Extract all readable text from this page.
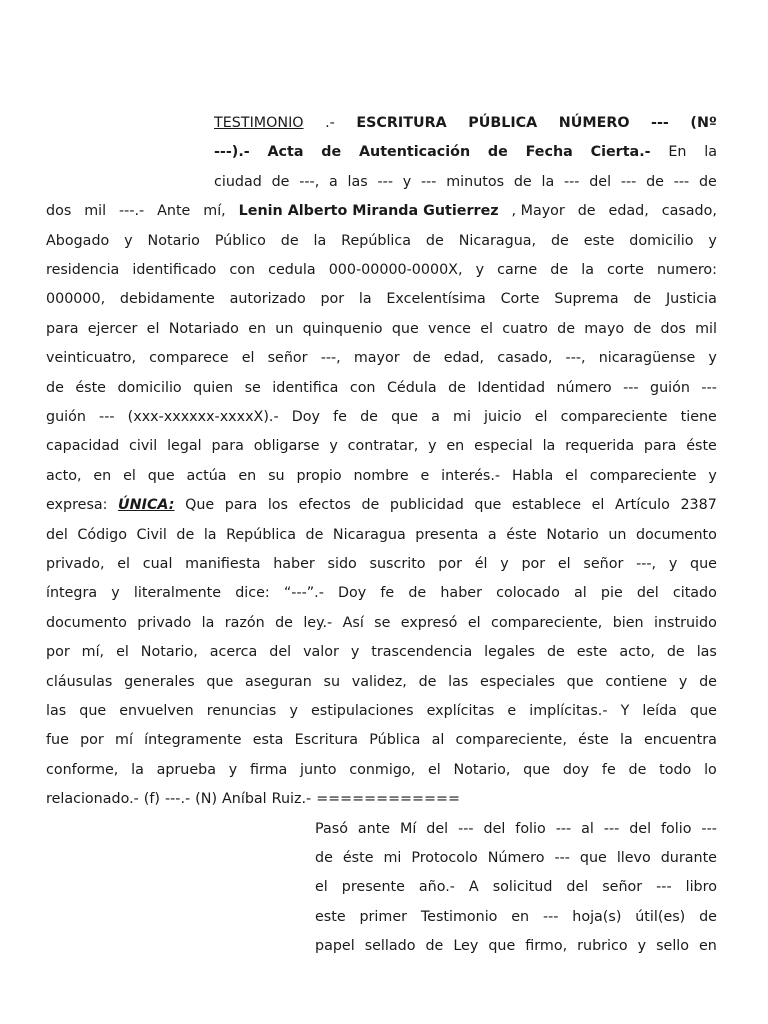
TESTIMONIO .- ESCRITURA PÚBLICA NÚMERO --- (Nº
---).- Acta de Autenticación de Fecha Cierta.- En la
ciudad de ---, a las --- y --- minutos de la --- del --- de --- de
dos mil ---.- Ante mí, Lenin Alberto Miranda Gutierrez , Mayor de edad, casado,
Abogado y Notario Público de la República de Nicaragua, de este domicilio y
residencia identificado con cedula 000-00000-0000X, y carne de la corte numero:
000000, debidamente autorizado por la Excelentísima Corte Suprema de Justicia
para ejercer el Notariado en un quinquenio que vence el cuatro de mayo de dos mil
veinticuatro, comparece el señor ---, mayor de edad, casado, ---, nicaragüense y
de éste domicilio quien se identifica con Cédula de Identidad número --- guión ---
guión --- (xxx-xxxxxx-xxxxX).- Doy fe de que a mi juicio el compareciente tiene
capacidad civil legal para obligarse y contratar, y en especial la requerida para éste
acto, en el que actúa en su propio nombre e interés.- Habla el compareciente y
expresa: ÚNICA: Que para los efectos de publicidad que establece el Artículo 2387
del Código Civil de la República de Nicaragua presenta a éste Notario un documento
privado, el cual manifiesta haber sido suscrito por él y por el señor ---, y que
íntegra y literalmente dice: “---”.- Doy fe de haber colocado al pie del citado
documento privado la razón de ley.- Así se expresó el compareciente, bien instruido
por mí, el Notario, acerca del valor y trascendencia legales de este acto, de las
cláusulas generales que aseguran su validez, de las especiales que contiene y de
las que envuelven renuncias y estipulaciones explícitas e implícitas.- Y leída que
fue por mí íntegramente esta Escritura Pública al compareciente, éste la encuentra
conforme, la aprueba y firma junto conmigo, el Notario, que doy fe de todo lo
relacionado.- (f) ---.- (N) Aníbal Ruiz.- ============
Pasó ante Mí del --- del folio --- al --- del folio ---
de éste mi Protocolo Número --- que llevo durante
el presente año.- A solicitud del señor --- libro
este primer Testimonio en --- hoja(s) útil(es) de
papel sellado de Ley que firmo, rubrico y sello en
